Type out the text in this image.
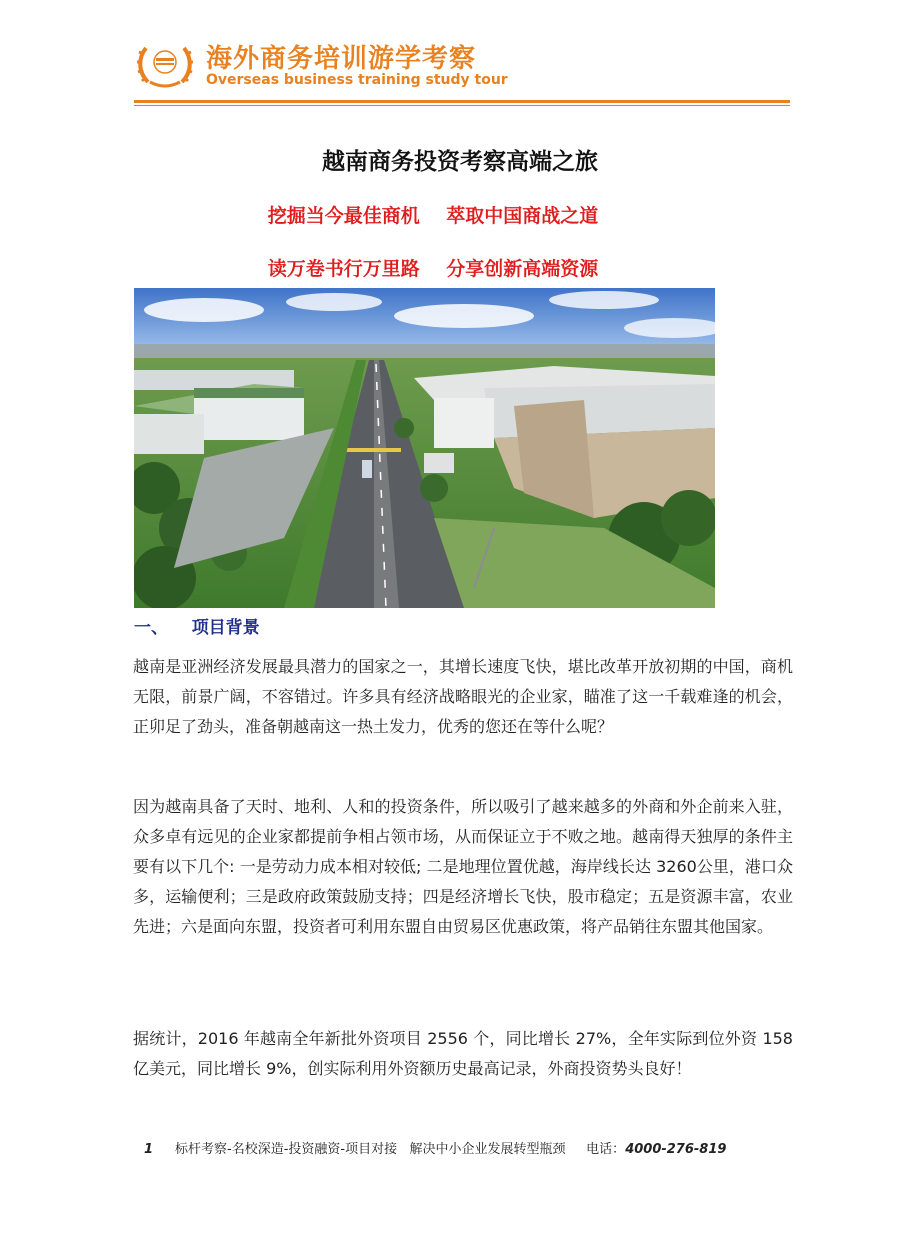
海外商务培训游学考察
Overseas business training study tour
越南商务投资考察高端之旅
挖掘当今最佳商机    萃取中国商战之道
读万卷书行万里路    分享创新高端资源
一、 项目背景
越南是亚洲经济发展最具潜力的国家之一，其增长速度飞快，堪比改革开放初期的中国，商机无限，前景广阔，不容错过。许多具有经济战略眼光的企业家，瞄准了这一千载难逢的机会，正卯足了劲头，准备朝越南这一热土发力，优秀的您还在等什么呢？
因为越南具备了天时、地利、人和的投资条件，所以吸引了越来越多的外商和外企前来入驻，众多卓有远见的企业家都提前争相占领市场，从而保证立于不败之地。越南得天独厚的条件主要有以下几个: 一是劳动力成本相对较低; 二是地理位置优越，海岸线长达 3260公里，港口众多，运输便利；三是政府政策鼓励支持；四是经济增长飞快，股市稳定；五是资源丰富，农业先进；六是面向东盟，投资者可利用东盟自由贸易区优惠政策，将产品销往东盟其他国家。
据统计，2016 年越南全年新批外资项目 2556 个，同比增长 27%，全年实际到位外资 158亿美元，同比增长 9%，创实际利用外资额历史最高记录，外商投资势头良好！
1 标杆考察-名校深造-投资融资-项目对接   解决中小企业发展转型瓶颈     电话：4000-276-819
